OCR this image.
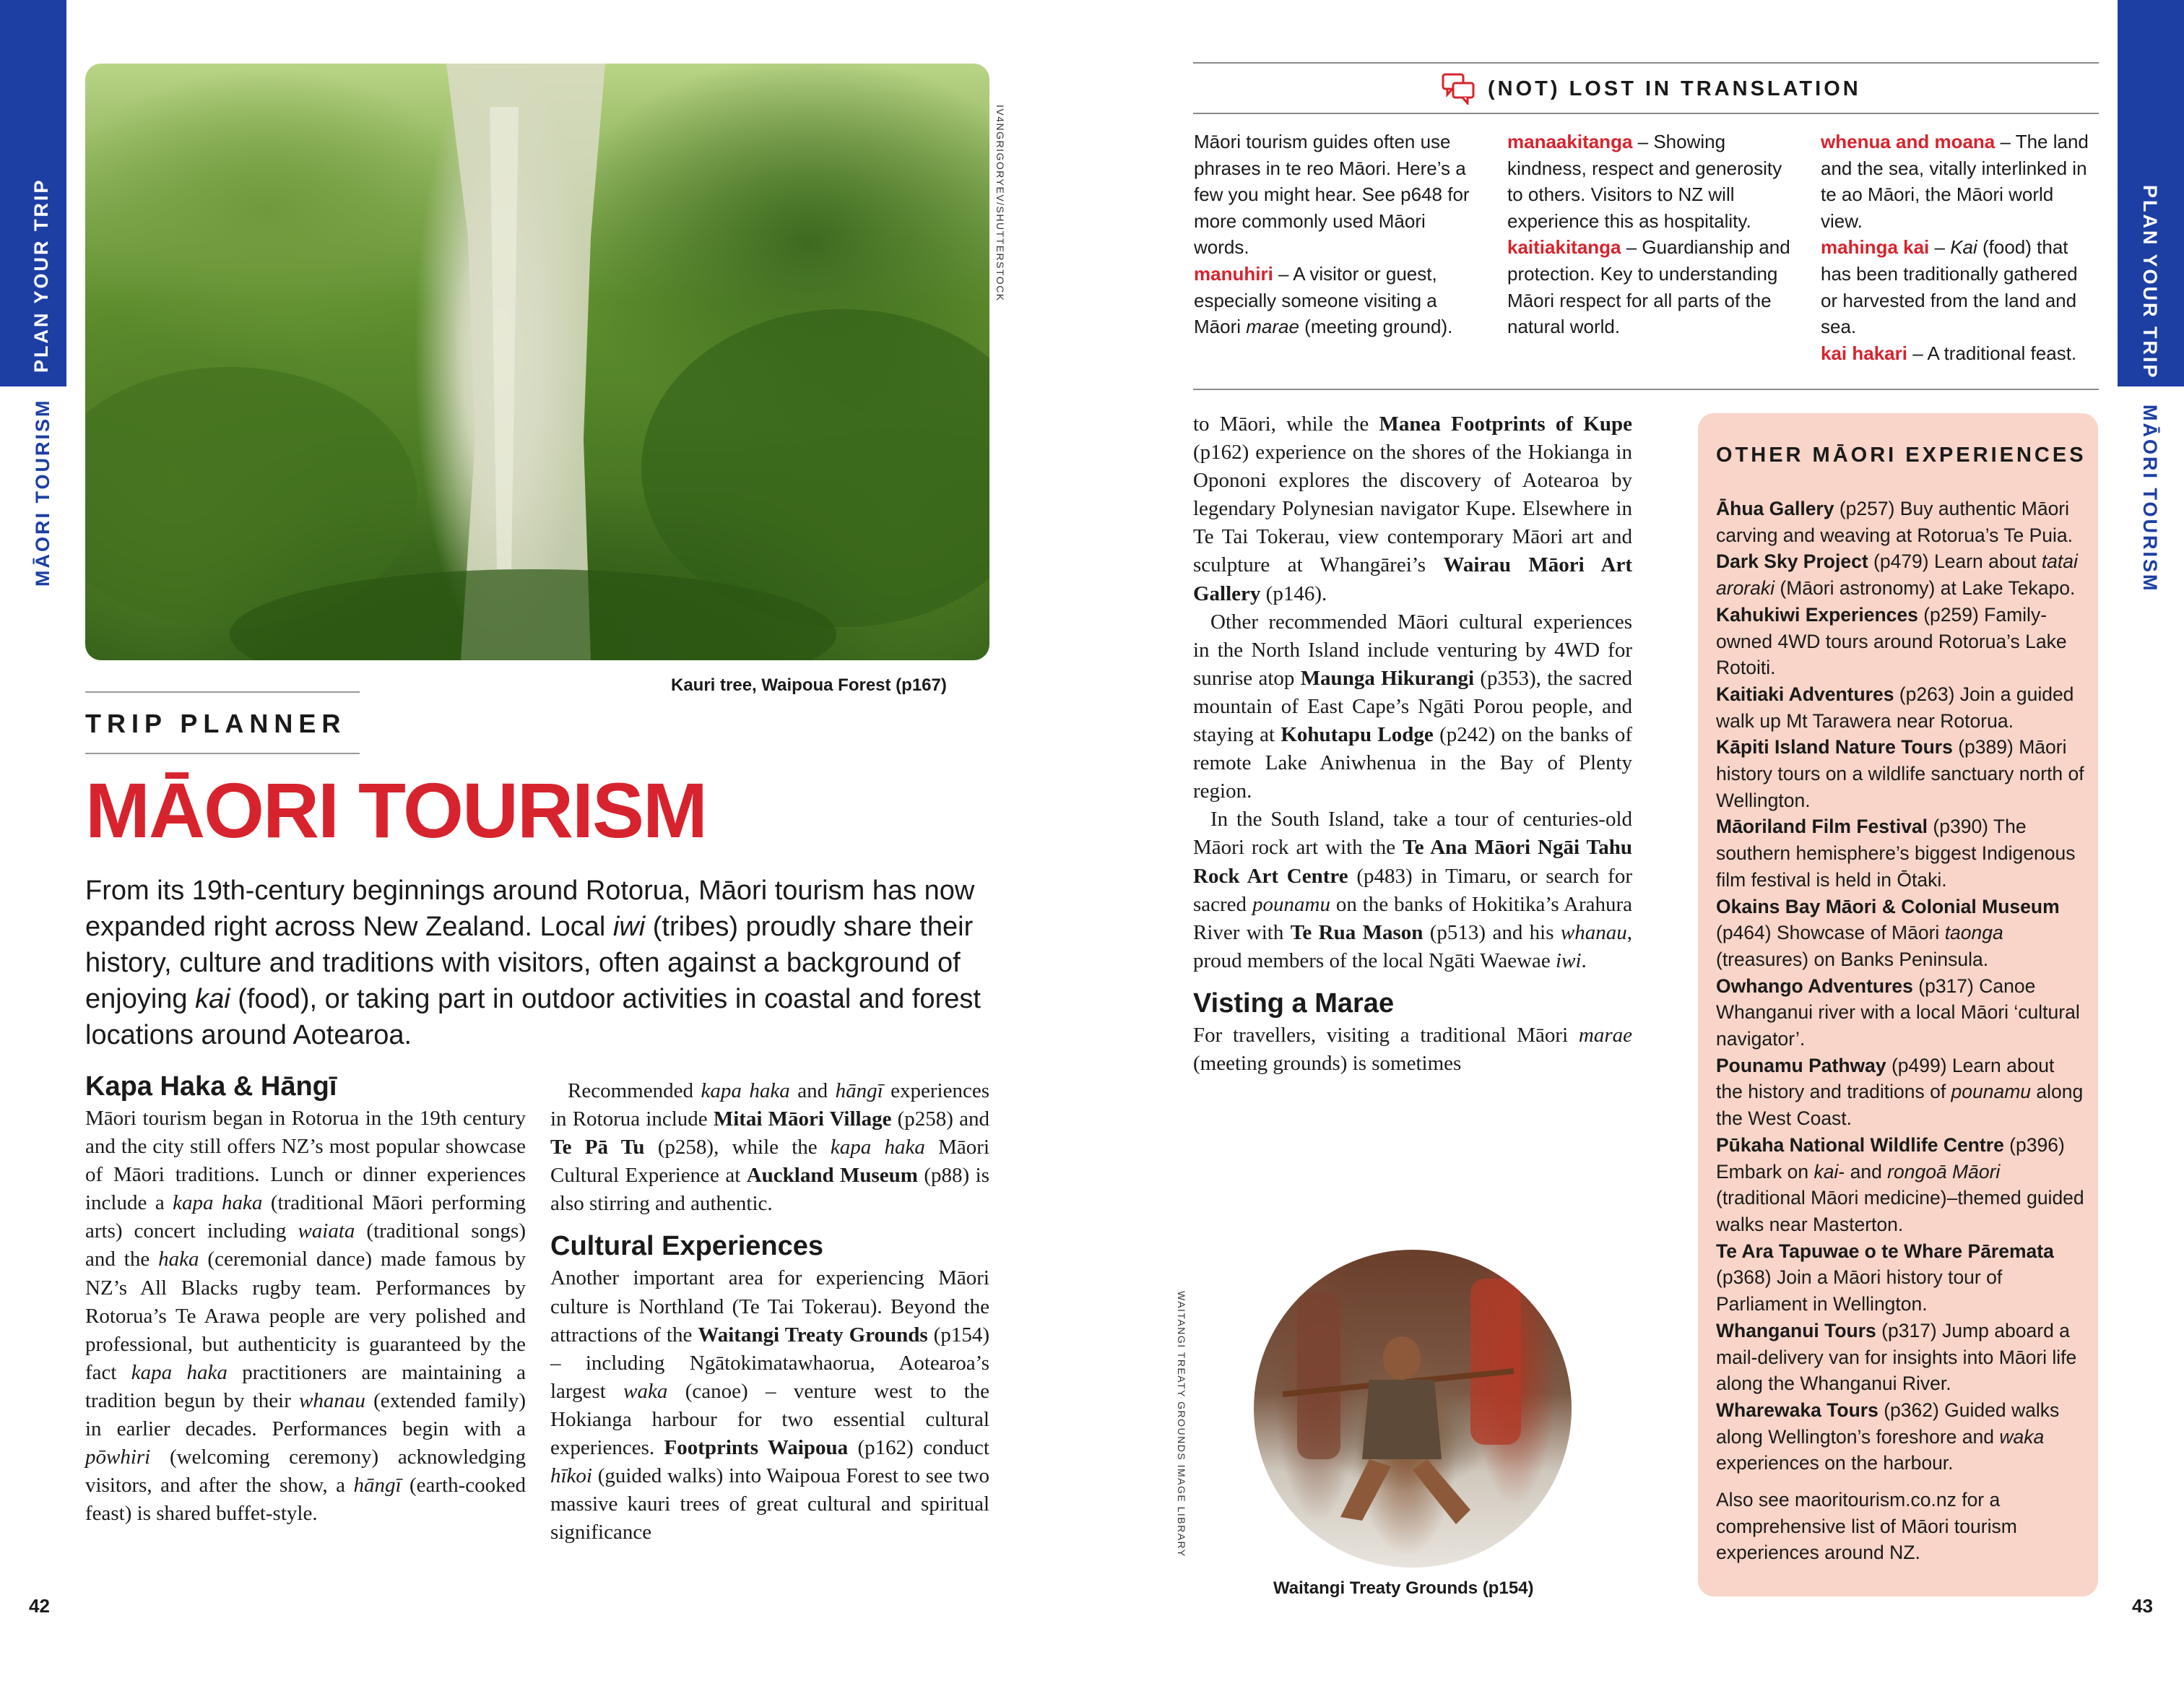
PLAN YOUR TRIP
MĀORI TOURISM
42
IV4NGRIGORYEV/SHUTTERSTOCK
Kauri tree, Waipoua Forest (p167)
TRIP PLANNER
MĀORI TOURISM
From its 19th-century beginnings around Rotorua, Māori tourism has now expanded right across New Zealand. Local iwi (tribes) proudly share their history, culture and traditions with visitors, often against a background of enjoying kai (food), or taking part in outdoor activities in coastal and forest locations around Aotearoa.

Kapa Haka & Hāngī

Māori tourism began in Rotorua in the 19th century and the city still offers NZ’s most popular showcase of Māori traditions. Lunch or dinner experiences include a kapa haka (traditional Māori performing arts) concert including waiata (traditional songs) and the haka (ceremonial dance) made famous by NZ’s All Blacks rugby team. Performances by Rotorua’s Te Arawa people are very polished and professional, but authenticity is guaranteed by the fact kapa haka practitioners are maintaining a tradition begun by their whanau (extended family) in earlier decades. Performances begin with a pōwhiri (welcoming ceremony) acknowledging visitors, and after the show, a hāngī (earth-cooked feast) is shared buffet-style.

Recommended kapa haka and hāngī experiences in Rotorua include Mitai Māori Village (p258) and Te Pā Tu (p258), while the kapa haka Māori Cultural Experience at Auckland Museum (p88) is also stirring and authentic.

Cultural Experiences

Another important area for experiencing Māori culture is Northland (Te Tai Tokerau). Beyond the attractions of the Waitangi Treaty Grounds (p154) – including Ngātokimatawhaorua, Aotearoa’s largest waka (canoe) – venture west to the Hokianga harbour for two essential cultural experiences. Footprints Waipoua (p162) conduct hīkoi (guided walks) into Waipoua Forest to see two massive kauri trees of great cultural and spiritual significance

PLAN YOUR TRIP
MĀORI TOURISM
43
(NOT) LOST IN TRANSLATION

Māori tourism guides often use phrases in te reo Māori. Here’s a few you might hear. See p648 for more commonly used Māori words.

manuhiri – A visitor or guest, especially someone visiting a Māori marae (meeting ground).

manaakitanga – Showing kindness, respect and generosity to others. Visitors to NZ will experience this as hospitality.

kaitiakitanga – Guardianship and protection. Key to understanding Māori respect for all parts of the natural world.

whenua and moana – The land and the sea, vitally interlinked in te ao Māori, the Māori world view.

mahinga kai – Kai (food) that has been traditionally gathered or harvested from the land and sea.

kai hakari – A traditional feast.

to Māori, while the Manea Footprints of Kupe (p162) experience on the shores of the Hokianga in Opononi explores the discovery of Aotearoa by legendary Polynesian navigator Kupe. Elsewhere in Te Tai Tokerau, view contemporary Māori art and sculpture at Whangārei’s Wairau Māori Art Gallery (p146).

Other recommended Māori cultural experiences in the North Island include venturing by 4WD for sunrise atop Maunga Hikurangi (p353), the sacred mountain of East Cape’s Ngāti Porou people, and staying at Kohutapu Lodge (p242) on the banks of remote Lake Aniwhenua in the Bay of Plenty region.

In the South Island, take a tour of centuries-old Māori rock art with the Te Ana Māori Ngāi Tahu Rock Art Centre (p483) in Timaru, or search for sacred pounamu on the banks of Hokitika’s Arahura River with Te Rua Mason (p513) and his whanau, proud members of the local Ngāti Waewae iwi.

Visting a Marae

For travellers, visiting a traditional Māori marae (meeting grounds) is sometimes

WAITANGI TREATY GROUNDS IMAGE LIBRARY
Waitangi Treaty Grounds (p154)
OTHER MĀORI EXPERIENCES

Āhua Gallery (p257) Buy authentic Māori carving and weaving at Rotorua’s Te Puia.

Dark Sky Project (p479) Learn about tatai aroraki (Māori astronomy) at Lake Tekapo.

Kahukiwi Experiences (p259) Family-owned 4WD tours around Rotorua’s Lake Rotoiti.

Kaitiaki Adventures (p263) Join a guided walk up Mt Tarawera near Rotorua.

Kāpiti Island Nature Tours (p389) Māori history tours on a wildlife sanctuary north of Wellington.

Māoriland Film Festival (p390) The southern hemisphere’s biggest Indigenous film festival is held in Ōtaki.

Okains Bay Māori & Colonial Museum (p464) Showcase of Māori taonga (treasures) on Banks Peninsula.

Owhango Adventures (p317) Canoe Whanganui river with a local Māori ‘cultural navigator’.

Pounamu Pathway (p499) Learn about the history and traditions of pounamu along the West Coast.

Pūkaha National Wildlife Centre (p396) Embark on kai- and rongoā Māori (traditional Māori medicine)–themed guided walks near Masterton.

Te Ara Tapuwae o te Whare Pāremata (p368) Join a Māori history tour of Parliament in Wellington.

Whanganui Tours (p317) Jump aboard a mail-delivery van for insights into Māori life along the Whanganui River.

Wharewaka Tours (p362) Guided walks along Wellington’s foreshore and waka experiences on the harbour.

Also see maoritourism.co.nz for a comprehensive list of Māori tourism experiences around NZ.
